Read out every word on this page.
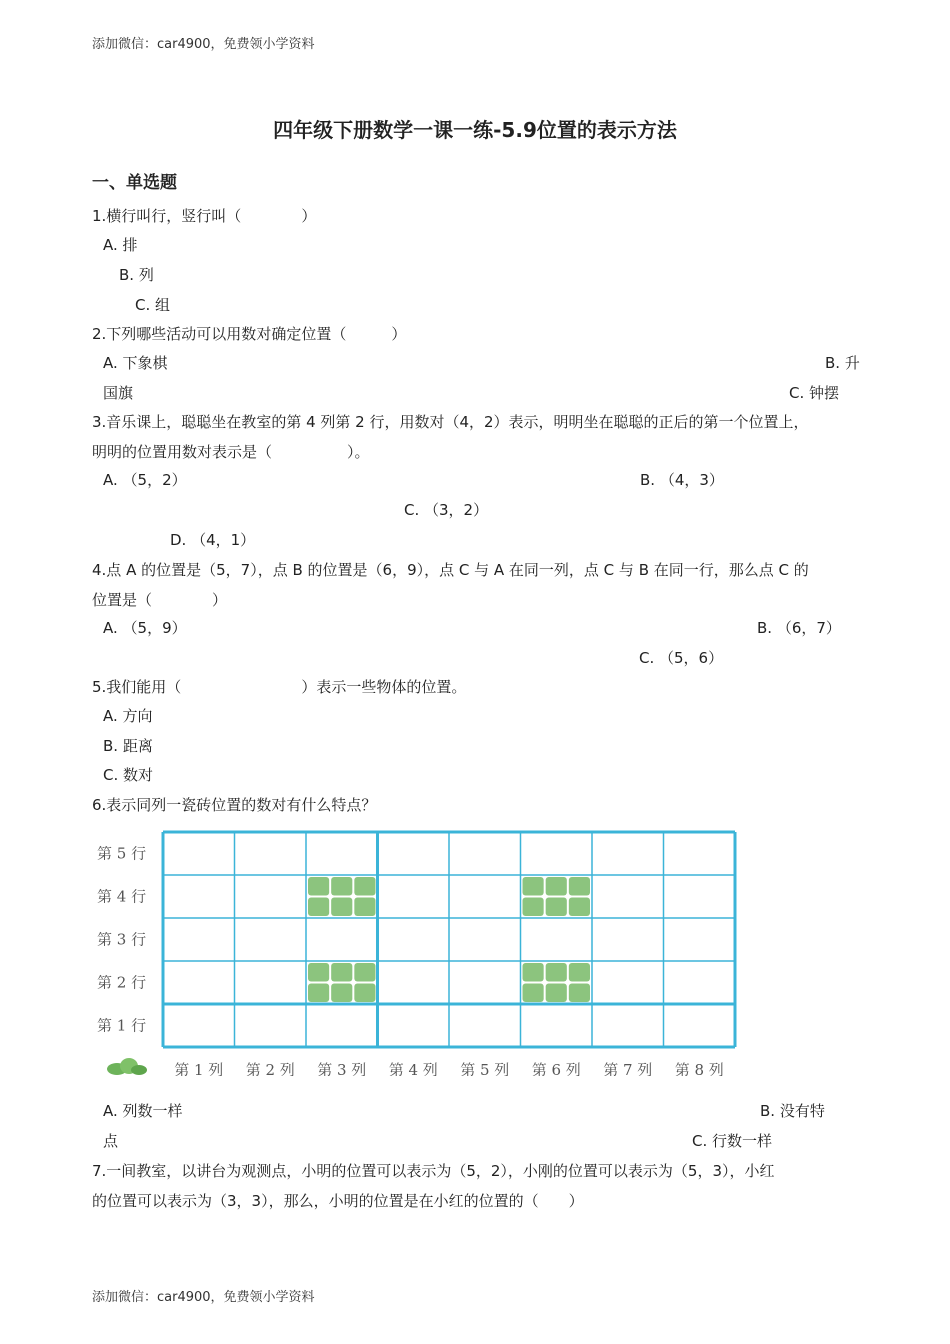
添加微信：car4900，免费领小学资料
四年级下册数学一课一练-5.9位置的表示方法
一、单选题
1.横行叫行，竖行叫（　　　　）
A. 排
B. 列
C. 组
2.下列哪些活动可以用数对确定位置（　　　）
A. 下象棋	B. 升
国旗	C. 钟摆
3.音乐课上，聪聪坐在教室的第 4 列第 2 行，用数对（4，2）表示，明明坐在聪聪的正后的第一个位置上，
明明的位置用数对表示是（　　　　　）。
A. （5，2）	B. （4，3）
C. （3，2）
D. （4，1）
4.点 A 的位置是（5，7），点 B 的位置是（6，9），点 C 与 A 在同一列，点 C 与 B 在同一行，那么点 C 的
位置是（　　　　）
A. （5，9）	B. （6，7）
C. （5，6）
5.我们能用（　　　　　　　　）表示一些物体的位置。
A. 方向
B. 距离
C. 数对
6.表示同列一瓷砖位置的数对有什么特点？
第 5 行
第 4 行
第 3 行
第 2 行
第 1 行
第 1 列 第 2 列 第 3 列 第 4 列 第 5 列 第 6 列 第 7 列 第 8 列
A. 列数一样	B. 没有特
点	C. 行数一样
7.一间教室，以讲台为观测点，小明的位置可以表示为（5，2），小刚的位置可以表示为（5，3），小红
的位置可以表示为（3，3），那么，小明的位置是在小红的位置的（　　）
添加微信：car4900，免费领小学资料
